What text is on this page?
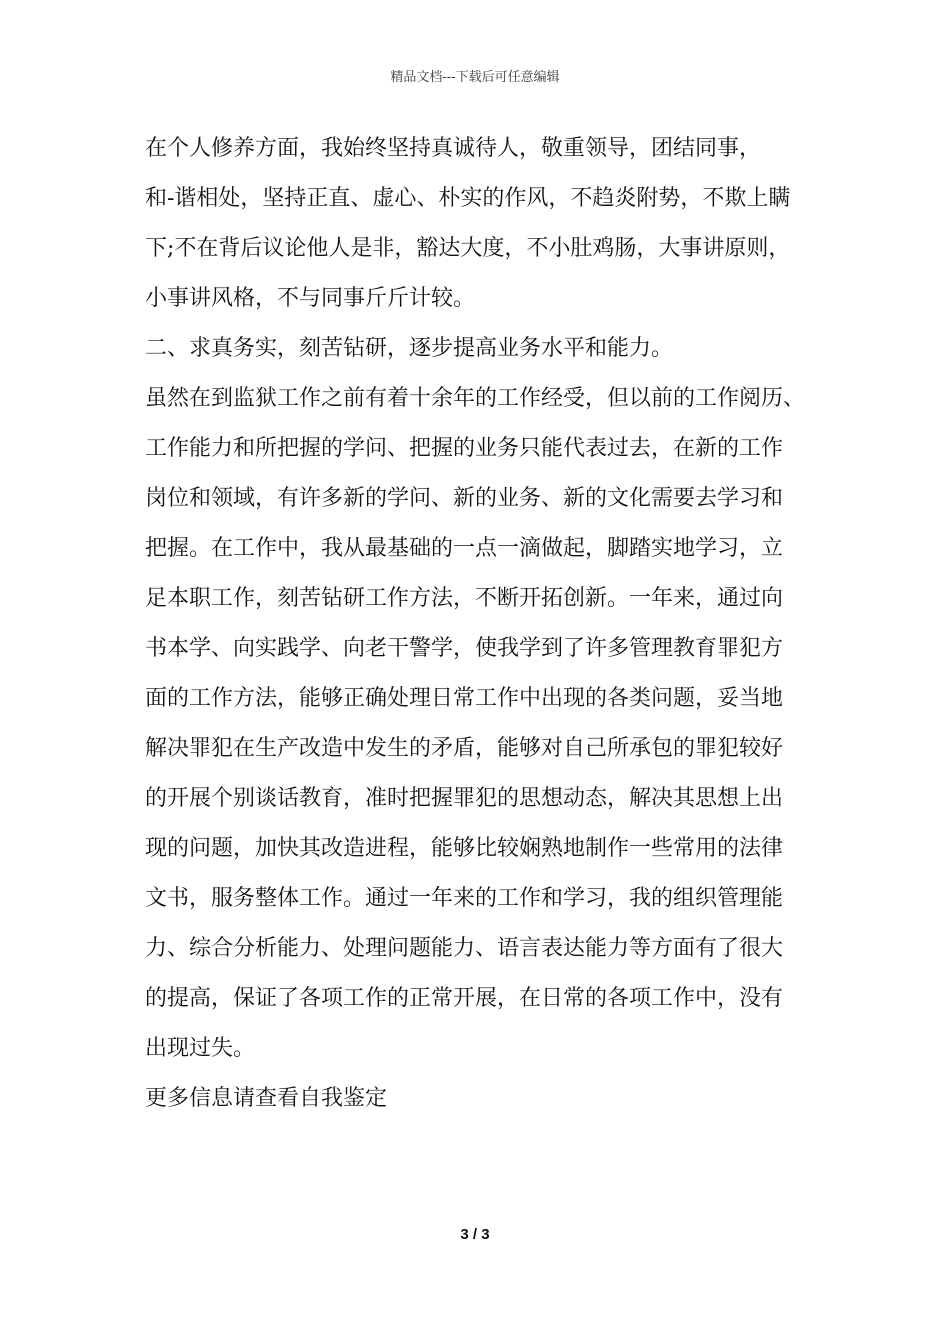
精品文档---下载后可任意编辑
在个人修养方面，我始终坚持真诚待人，敬重领导，团结同事，
和-谐相处，坚持正直、虚心、朴实的作风，不趋炎附势，不欺上瞒
下;不在背后议论他人是非，豁达大度，不小肚鸡肠，大事讲原则，
小事讲风格，不与同事斤斤计较。
二、求真务实，刻苦钻研，逐步提高业务水平和能力。
虽然在到监狱工作之前有着十余年的工作经受，但以前的工作阅历、
工作能力和所把握的学问、把握的业务只能代表过去，在新的工作
岗位和领域，有许多新的学问、新的业务、新的文化需要去学习和
把握。在工作中，我从最基础的一点一滴做起，脚踏实地学习，立
足本职工作，刻苦钻研工作方法，不断开拓创新。一年来，通过向
书本学、向实践学、向老干警学，使我学到了许多管理教育罪犯方
面的工作方法，能够正确处理日常工作中出现的各类问题，妥当地
解决罪犯在生产改造中发生的矛盾，能够对自己所承包的罪犯较好
的开展个别谈话教育，准时把握罪犯的思想动态，解决其思想上出
现的问题，加快其改造进程，能够比较娴熟地制作一些常用的法律
文书，服务整体工作。通过一年来的工作和学习，我的组织管理能
力、综合分析能力、处理问题能力、语言表达能力等方面有了很大
的提高，保证了各项工作的正常开展，在日常的各项工作中，没有
出现过失。
更多信息请查看自我鉴定
3 / 3
